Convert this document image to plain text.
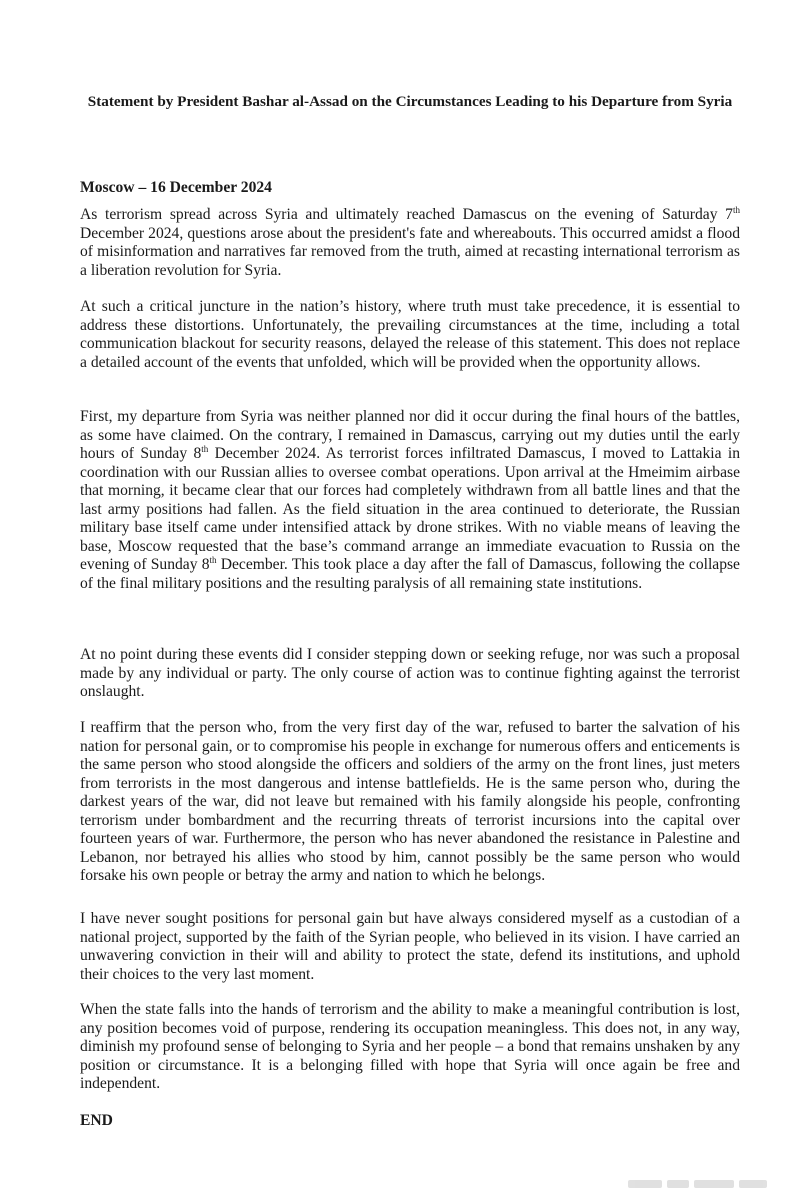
Statement by President Bashar al-Assad on the Circumstances Leading to his Departure from Syria
Moscow – 16 December 2024
As terrorism spread across Syria and ultimately reached Damascus on the evening of Saturday 7th December 2024, questions arose about the president's fate and whereabouts. This occurred amidst a flood of misinformation and narratives far removed from the truth, aimed at recasting international terrorism as a liberation revolution for Syria.
At such a critical juncture in the nation’s history, where truth must take precedence, it is essential to address these distortions. Unfortunately, the prevailing circumstances at the time, including a total communication blackout for security reasons, delayed the release of this statement. This does not replace a detailed account of the events that unfolded, which will be provided when the opportunity allows.
First, my departure from Syria was neither planned nor did it occur during the final hours of the battles, as some have claimed. On the contrary, I remained in Damascus, carrying out my duties until the early hours of Sunday 8th December 2024. As terrorist forces infiltrated Damascus, I moved to Lattakia in coordination with our Russian allies to oversee combat operations. Upon arrival at the Hmeimim airbase that morning, it became clear that our forces had completely withdrawn from all battle lines and that the last army positions had fallen. As the field situation in the area continued to deteriorate, the Russian military base itself came under intensified attack by drone strikes. With no viable means of leaving the base, Moscow requested that the base’s command arrange an immediate evacuation to Russia on the evening of Sunday 8th December. This took place a day after the fall of Damascus, following the collapse of the final military positions and the resulting paralysis of all remaining state institutions.
At no point during these events did I consider stepping down or seeking refuge, nor was such a proposal made by any individual or party. The only course of action was to continue fighting against the terrorist onslaught.
I reaffirm that the person who, from the very first day of the war, refused to barter the salvation of his nation for personal gain, or to compromise his people in exchange for numerous offers and enticements is the same person who stood alongside the officers and soldiers of the army on the front lines, just meters from terrorists in the most dangerous and intense battlefields. He is the same person who, during the darkest years of the war, did not leave but remained with his family alongside his people, confronting terrorism under bombardment and the recurring threats of terrorist incursions into the capital over fourteen years of war. Furthermore, the person who has never abandoned the resistance in Palestine and Lebanon, nor betrayed his allies who stood by him, cannot possibly be the same person who would forsake his own people or betray the army and nation to which he belongs.
I have never sought positions for personal gain but have always considered myself as a custodian of a national project, supported by the faith of the Syrian people, who believed in its vision. I have carried an unwavering conviction in their will and ability to protect the state, defend its institutions, and uphold their choices to the very last moment.
When the state falls into the hands of terrorism and the ability to make a meaningful contribution is lost, any position becomes void of purpose, rendering its occupation meaningless. This does not, in any way, diminish my profound sense of belonging to Syria and her people – a bond that remains unshaken by any position or circumstance. It is a belonging filled with hope that Syria will once again be free and independent.
END
